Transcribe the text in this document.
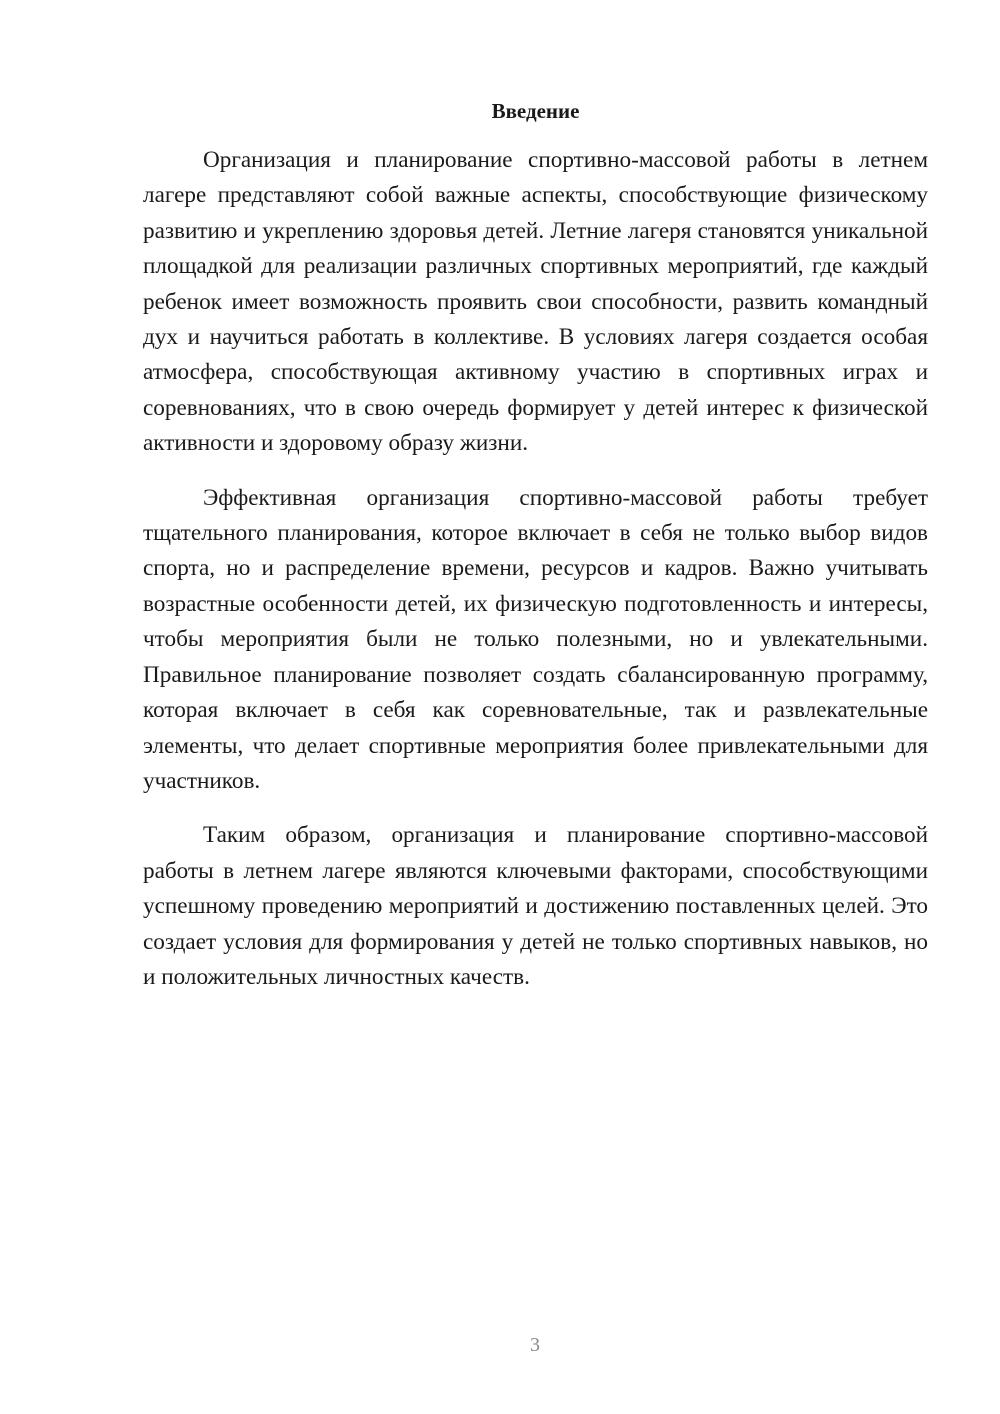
Введение

Организация и планирование спортивно-массовой работы в летнем лагере представляют собой важные аспекты, способствующие физическому развитию и укреплению здоровья детей. Летние лагеря становятся уникальной площадкой для реализации различных спортивных мероприятий, где каждый ребенок имеет возможность проявить свои способности, развить командный дух и научиться работать в коллективе. В условиях лагеря создается особая атмосфера, способствующая активному участию в спортивных играх и соревнованиях, что в свою очередь формирует у детей интерес к физической активности и здоровому образу жизни.

Эффективная организация спортивно-массовой работы требует тщательного планирования, которое включает в себя не только выбор видов спорта, но и распределение времени, ресурсов и кадров. Важно учитывать возрастные особенности детей, их физическую подготовленность и интересы, чтобы мероприятия были не только полезными, но и увлекательными. Правильное планирование позволяет создать сбалансированную программу, которая включает в себя как соревновательные, так и развлекательные элементы, что делает спортивные мероприятия более привлекательными для участников.

Таким образом, организация и планирование спортивно-массовой работы в летнем лагере являются ключевыми факторами, способствующими успешному проведению мероприятий и достижению поставленных целей. Это создает условия для формирования у детей не только спортивных навыков, но и положительных личностных качеств.

3
